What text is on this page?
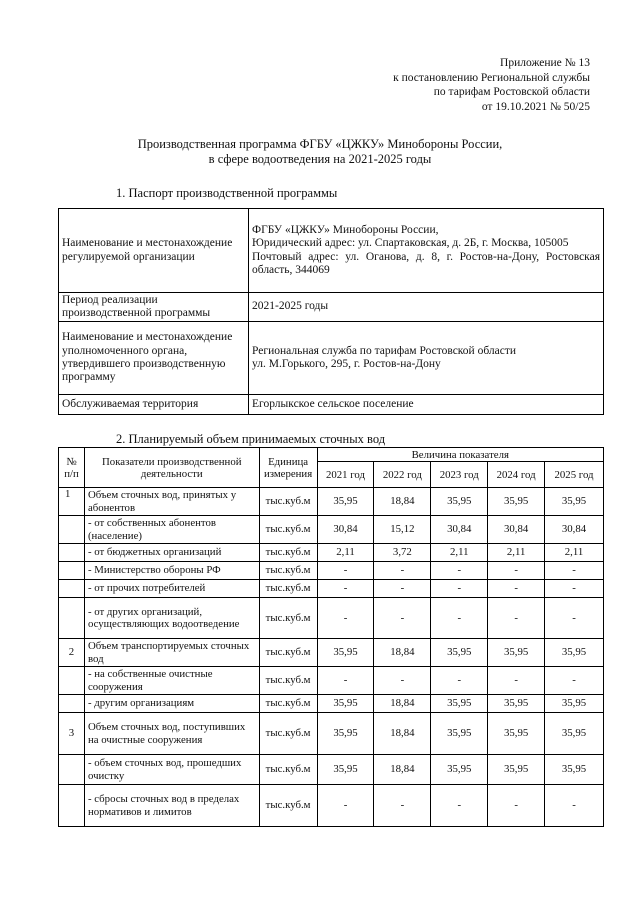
Приложение № 13
к постановлению Региональной службы
по тарифам Ростовской области
от 19.10.2021 № 50/25
Производственная программа ФГБУ «ЦЖКУ» Минобороны России,
в сфере водоотведения на 2021-2025 годы
1. Паспорт производственной программы
Наименование и местонахождение регулируемой организации	ФГБУ «ЦЖКУ» Минобороны России,
Юридический адрес: ул. Спартаковская, д. 2Б, г. Москва, 105005
Почтовый адрес: ул. Оганова, д. 8, г. Ростов-на-Дону, Ростовская область, 344069

Период реализации производственной программы	2021-2025 годы
Наименование и местонахождение уполномоченного органа, утвердившего производственную программу	Региональная служба по тарифам Ростовской области
ул. М.Горького, 295, г. Ростов-на-Дону

Обслуживаемая территория	Егорлыкское сельское поселение
2. Планируемый объем принимаемых сточных вод
№ п/п	Показатели производственной деятельности	Единица измерения	Величина показателя				
			2021 год	2022 год	2023 год	2024 год	2025 год
1	Объем сточных вод, принятых у абонентов	тыс.куб.м	35,95	18,84	35,95	35,95	35,95
	- от собственных абонентов (население)	тыс.куб.м	30,84	15,12	30,84	30,84	30,84
	- от бюджетных организаций	тыс.куб.м	2,11	3,72	2,11	2,11	2,11
	- Министерство обороны РФ	тыс.куб.м	-	-	-	-	-
	- от прочих потребителей	тыс.куб.м	-	-	-	-	-
	- от других организаций, осуществляющих водоотведение	тыс.куб.м	-	-	-	-	-
2	Объем транспортируемых сточных вод	тыс.куб.м	35,95	18,84	35,95	35,95	35,95
	- на собственные очистные сооружения	тыс.куб.м	-	-	-	-	-
	- другим организациям	тыс.куб.м	35,95	18,84	35,95	35,95	35,95
3	Объем сточных вод, поступивших на очистные сооружения	тыс.куб.м	35,95	18,84	35,95	35,95	35,95
	- объем сточных вод, прошедших очистку	тыс.куб.м	35,95	18,84	35,95	35,95	35,95
	- сбросы сточных вод в пределах нормативов и лимитов	тыс.куб.м	-	-	-	-	-
